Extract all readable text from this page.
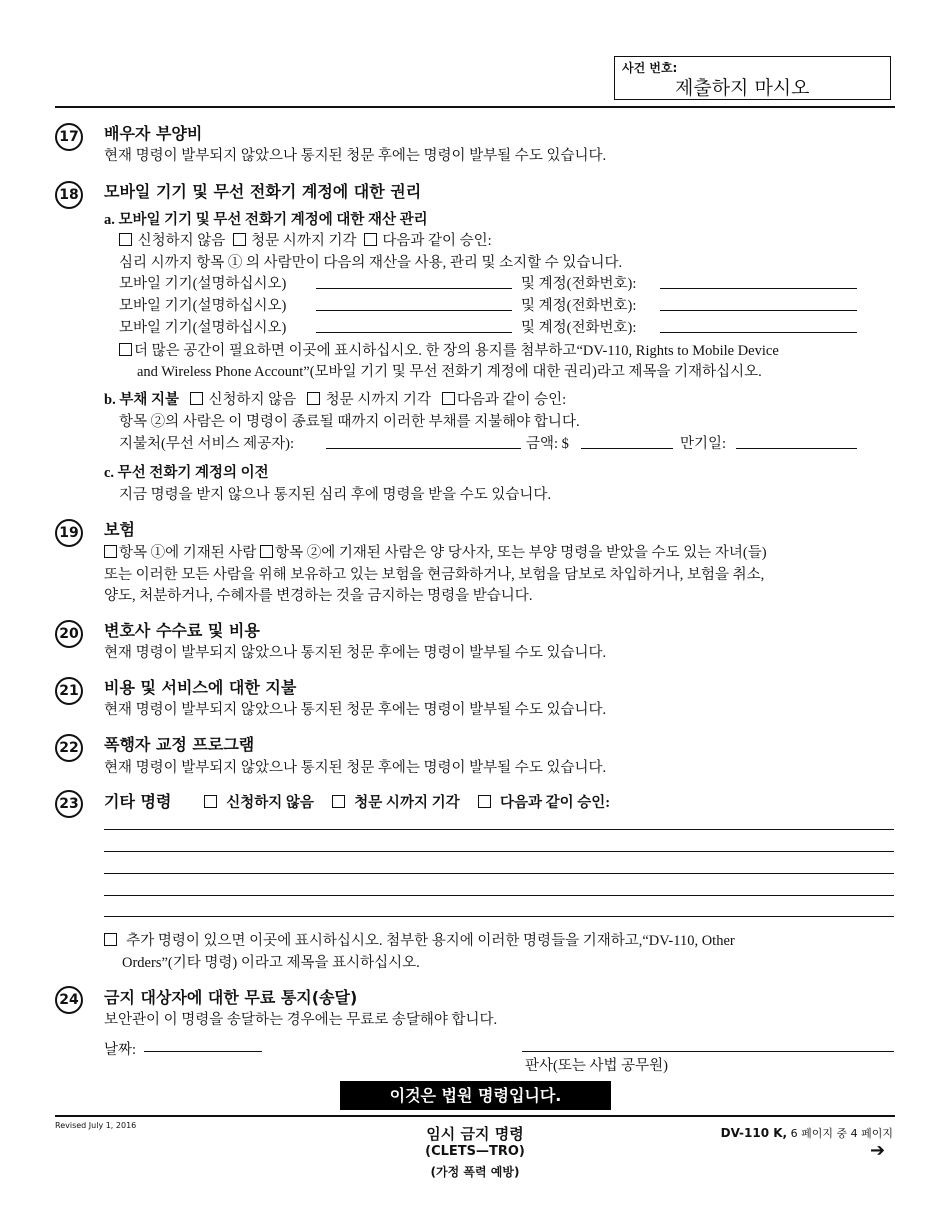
사건 번호:
제출하지 마시오
17 배우자 부양비
현재 명령이 발부되지 않았으나 통지된 청문 후에는 명령이 발부될 수도 있습니다.
18 모바일 기기 및 무선 전화기 계정에 대한 권리
a. 모바일 기기 및 무선 전화기 계정에 대한 재산 관리
신청하지 않음 청문 시까지 기각 다음과 같이 승인:
심리 시까지 항목 ① 의 사람만이 다음의 재산을 사용, 관리 및 소지할 수 있습니다.
모바일 기기(설명하십시오)	및 계정(전화번호):
모바일 기기(설명하십시오)	및 계정(전화번호):
모바일 기기(설명하십시오)	및 계정(전화번호):
더 많은 공간이 필요하면 이곳에 표시하십시오. 한 장의 용지를 첨부하고“DV-110, Rights to Mobile Device
and Wireless Phone Account”(모바일 기기 및 무선 전화기 계정에 대한 권리)라고 제목을 기재하십시오.
b. 부채 지불 신청하지 않음 청문 시까지 기각 다음과 같이 승인:
항목 ②의 사람은 이 명령이 종료될 때까지 이러한 부채를 지불해야 합니다.
지불처(무선 서비스 제공자):	금액: $	만기일:
c. 무선 전화기 계정의 이전
지금 명령을 받지 않으나 통지된 심리 후에 명령을 받을 수도 있습니다.
19 보험
항목 ①에 기재된 사람 항목 ②에 기재된 사람은 양 당사자, 또는 부양 명령을 받았을 수도 있는 자녀(들)
또는 이러한 모든 사람을 위해 보유하고 있는 보험을 현금화하거나, 보험을 담보로 차입하거나, 보험을 취소,
양도, 처분하거나, 수혜자를 변경하는 것을 금지하는 명령을 받습니다.
20 변호사 수수료 및 비용
현재 명령이 발부되지 않았으나 통지된 청문 후에는 명령이 발부될 수도 있습니다.
21 비용 및 서비스에 대한 지불
현재 명령이 발부되지 않았으나 통지된 청문 후에는 명령이 발부될 수도 있습니다.
22 폭행자 교정 프로그램
현재 명령이 발부되지 않았으나 통지된 청문 후에는 명령이 발부될 수도 있습니다.
23 기타 명령	신청하지 않음	청문 시까지 기각	다음과 같이 승인:
추가 명령이 있으면 이곳에 표시하십시오. 첨부한 용지에 이러한 명령들을 기재하고,“DV-110, Other
Orders”(기타 명령) 이라고 제목을 표시하십시오.
24 금지 대상자에 대한 무료 통지(송달)
보안관이 이 명령을 송달하는 경우에는 무료로 송달해야 합니다.
날짜:
판사(또는 사법 공무원)
이것은 법원 명령입니다.
Revised July 1, 2016	임시 금지 명령
(CLETS—TRO)
(가정 폭력 예방)
DV-110 K, 6 페이지 중 4 페이지
➔
